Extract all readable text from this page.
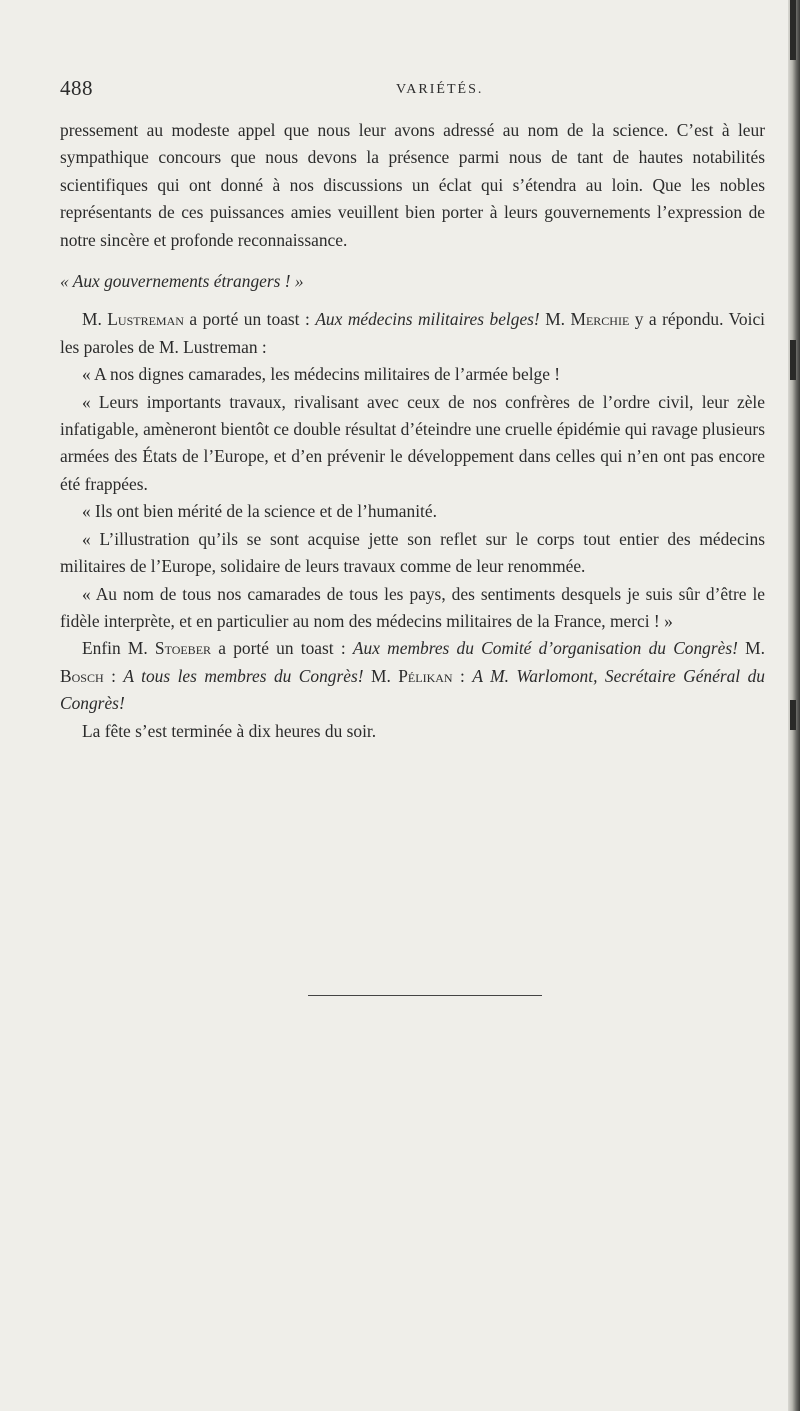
488	VARIÉTÉS.

pressement au modeste appel que nous leur avons adressé au nom de la science. C’est à leur sympathique concours que nous devons la présence parmi nous de tant de hautes notabilités scientifiques qui ont donné à nos discussions un éclat qui s’étendra au loin. Que les nobles représentants de ces puissances amies veuillent bien porter à leurs gouvernements l’expression de notre sincère et profonde reconnaissance.

« Aux gouvernements étrangers ! »

M. Lustreman a porté un toast : Aux médecins militaires belges! M. Merchie y a répondu. Voici les paroles de M. Lustreman :

« A nos dignes camarades, les médecins militaires de l’armée belge !

« Leurs importants travaux, rivalisant avec ceux de nos confrères de l’ordre civil, leur zèle infatigable, amèneront bientôt ce double résultat d’éteindre une cruelle épidémie qui ravage plusieurs armées des États de l’Europe, et d’en prévenir le développement dans celles qui n’en ont pas encore été frappées.

« Ils ont bien mérité de la science et de l’humanité.

« L’illustration qu’ils se sont acquise jette son reflet sur le corps tout entier des médecins militaires de l’Europe, solidaire de leurs travaux comme de leur renommée.

« Au nom de tous nos camarades de tous les pays, des sentiments desquels je suis sûr d’être le fidèle interprète, et en particulier au nom des médecins militaires de la France, merci ! »

Enfin M. Stoeber a porté un toast : Aux membres du Comité d’organisation du Congrès! M. Bosch : A tous les membres du Congrès! M. Pélikan : A M. Warlomont, Secrétaire Général du Congrès!

La fête s’est terminée à dix heures du soir.
